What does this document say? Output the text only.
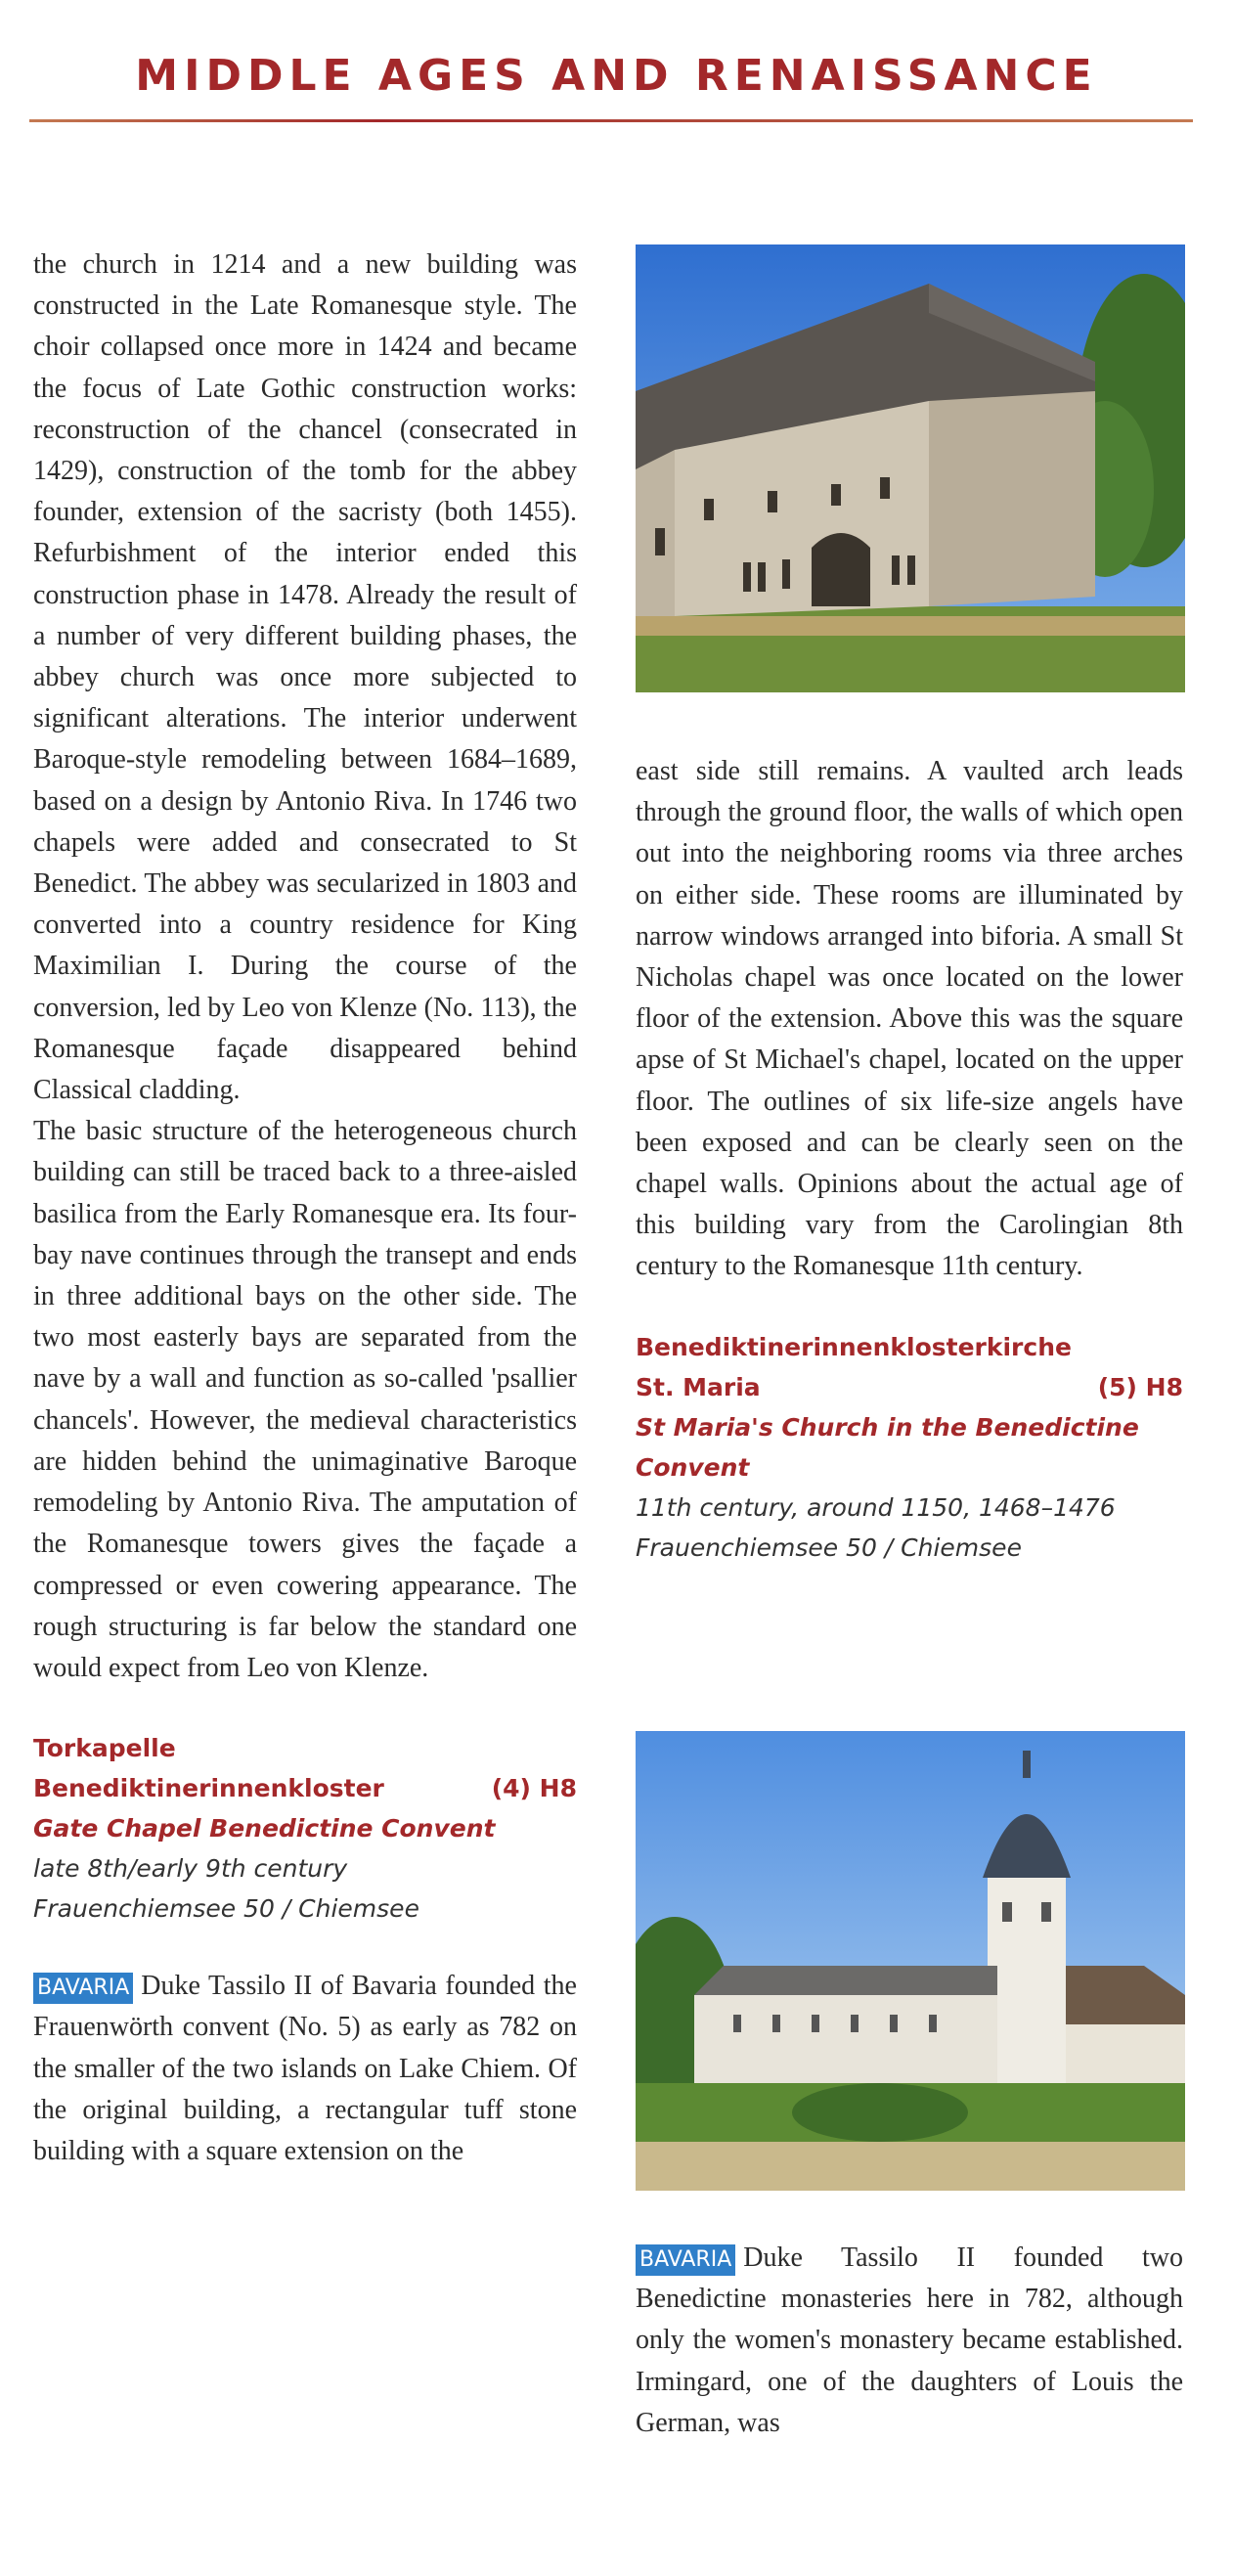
MIDDLE AGES AND RENAISSANCE

the church in 1214 and a new building was constructed in the Late Romanesque style. The choir collapsed once more in 1424 and became the focus of Late Gothic construction works: reconstruction of the chancel (consecrated in 1429), construction of the tomb for the abbey founder, extension of the sacristy (both 1455). Refurbishment of the interior ended this construction phase in 1478. Already the result of a number of very different building phases, the abbey church was once more subjected to significant alterations. The interior underwent Baroque-style remodeling between 1684–1689, based on a design by Antonio Riva. In 1746 two chapels were added and consecrated to St Benedict. The abbey was secularized in 1803 and converted into a country residence for King Maximilian I. During the course of the conversion, led by Leo von Klenze (No. 113), the Romanesque façade disappeared behind Classical cladding.

The basic structure of the heterogeneous church building can still be traced back to a three-aisled basilica from the Early Romanesque era. Its four-bay nave continues through the transept and ends in three additional bays on the other side. The two most easterly bays are separated from the nave by a wall and function as so-called 'psallier chancels'. However, the medieval characteristics are hidden behind the unimaginative Baroque remodeling by Antonio Riva. The amputation of the Romanesque towers gives the façade a compressed or even cowering appearance. The rough structuring is far below the standard one would expect from Leo von Klenze.

Torkapelle
Benediktinerinnenkloster	(4) H8
Gate Chapel Benedictine Convent
late 8th/early 9th century
Frauenchiemsee 50 / Chiemsee

BAVARIA Duke Tassilo II of Bavaria founded the Frauenwörth convent (No. 5) as early as 782 on the smaller of the two islands on Lake Chiem. Of the original building, a rectangular tuff stone building with a square extension on the

east side still remains. A vaulted arch leads through the ground floor, the walls of which open out into the neighboring rooms via three arches on either side. These rooms are illuminated by narrow windows arranged into biforia. A small St Nicholas chapel was once located on the lower floor of the extension. Above this was the square apse of St Michael's chapel, located on the upper floor. The outlines of six life-size angels have been exposed and can be clearly seen on the chapel walls. Opinions about the actual age of this building vary from the Carolingian 8th century to the Romanesque 11th century.

Benediktinerinnenklosterkirche
St. Maria	(5) H8
St Maria's Church in the Benedictine Convent
11th century, around 1150, 1468–1476
Frauenchiemsee 50 / Chiemsee

BAVARIA Duke Tassilo II founded two Benedictine monasteries here in 782, although only the women's monastery became established. Irmingard, one of the daughters of Louis the German, was
